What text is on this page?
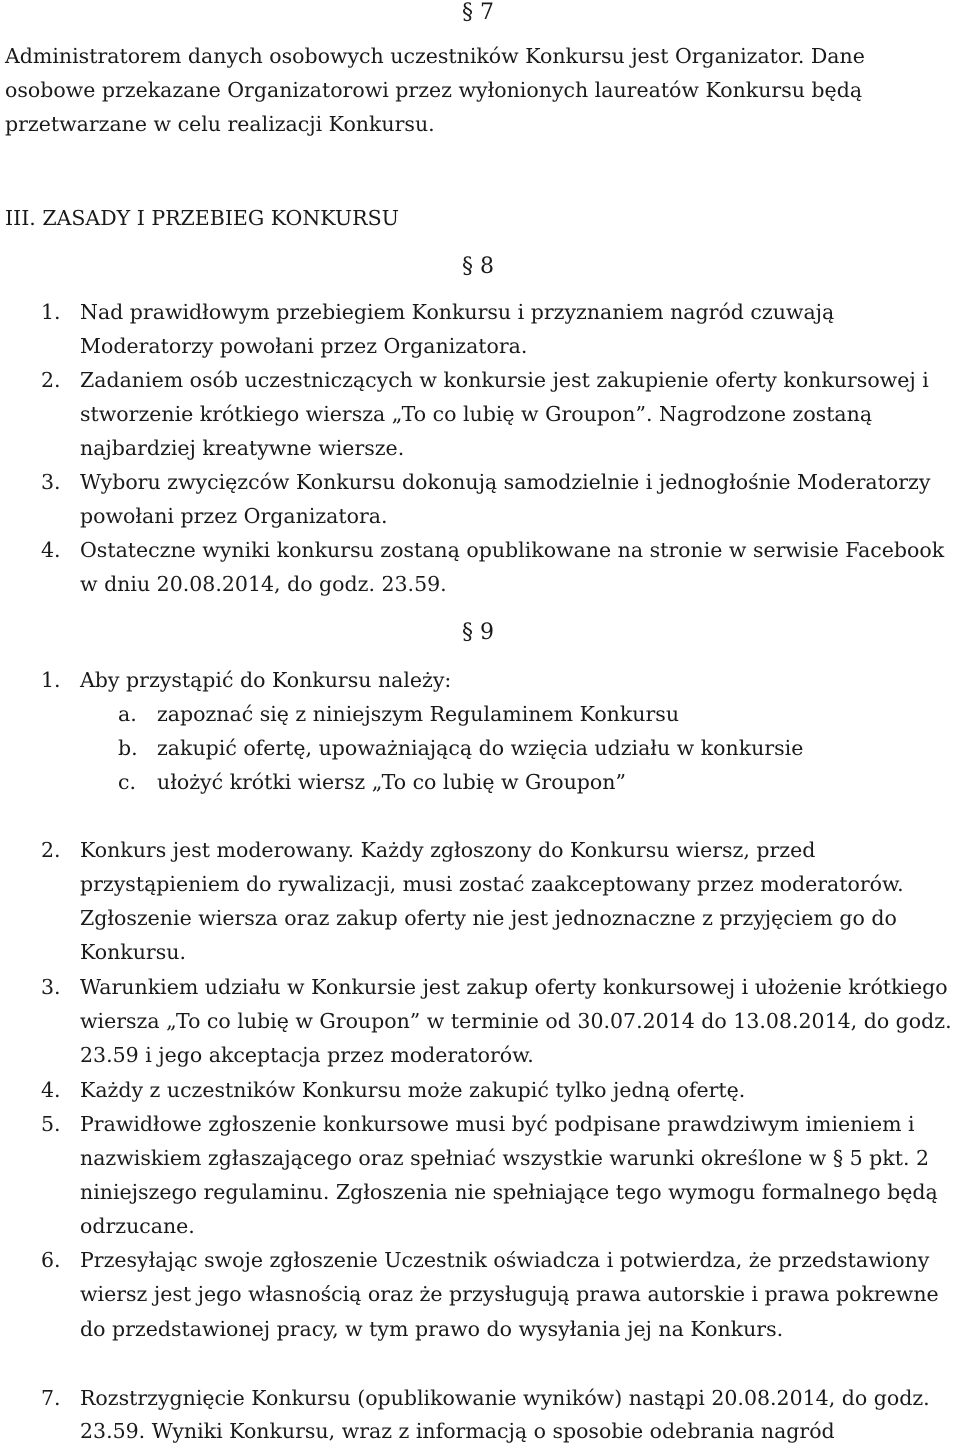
§ 7

Administratorem danych osobowych uczestników Konkursu jest Organizator. Dane osobowe przekazane Organizatorowi przez wyłonionych laureatów Konkursu będą przetwarzane w celu realizacji Konkursu.

III. ZASADY I PRZEBIEG KONKURSU
§ 8
1. Nad prawidłowym przebiegiem Konkursu i przyznaniem nagród czuwają Moderatorzy powołani przez Organizatora.
2. Zadaniem osób uczestniczących w konkursie jest zakupienie oferty konkursowej i stworzenie krótkiego wiersza „To co lubię w Groupon”. Nagrodzone zostaną najbardziej kreatywne wiersze.
3. Wyboru zwycięzców Konkursu dokonują samodzielnie i jednogłośnie Moderatorzy powołani przez Organizatora.
4. Ostateczne wyniki konkursu zostaną opublikowane na stronie w serwisie Facebook w dniu 20.08.2014, do godz. 23.59.
§ 9
1. Aby przystąpić do Konkursu należy:
a. zapoznać się z niniejszym Regulaminem Konkursu
b. zakupić ofertę, upoważniającą do wzięcia udziału w konkursie
c. ułożyć krótki wiersz „To co lubię w Groupon”
2. Konkurs jest moderowany. Każdy zgłoszony do Konkursu wiersz, przed przystąpieniem do rywalizacji, musi zostać zaakceptowany przez moderatorów. Zgłoszenie wiersza oraz zakup oferty nie jest jednoznaczne z przyjęciem go do Konkursu.
3. Warunkiem udziału w Konkursie jest zakup oferty konkursowej i ułożenie krótkiego wiersza „To co lubię w Groupon” w terminie od 30.07.2014 do 13.08.2014, do godz. 23.59 i jego akceptacja przez moderatorów.
4. Każdy z uczestników Konkursu może zakupić tylko jedną ofertę.
5. Prawidłowe zgłoszenie konkursowe musi być podpisane prawdziwym imieniem i nazwiskiem zgłaszającego oraz spełniać wszystkie warunki określone w § 5 pkt. 2 niniejszego regulaminu. Zgłoszenia nie spełniające tego wymogu formalnego będą odrzucane.
6. Przesyłając swoje zgłoszenie Uczestnik oświadcza i potwierdza, że przedstawiony wiersz jest jego własnością oraz że przysługują prawa autorskie i prawa pokrewne do przedstawionej pracy, w tym prawo do wysyłania jej na Konkurs.
7. Rozstrzygnięcie Konkursu (opublikowanie wyników) nastąpi 20.08.2014, do godz. 23.59. Wyniki Konkursu, wraz z informacją o sposobie odebrania nagród
